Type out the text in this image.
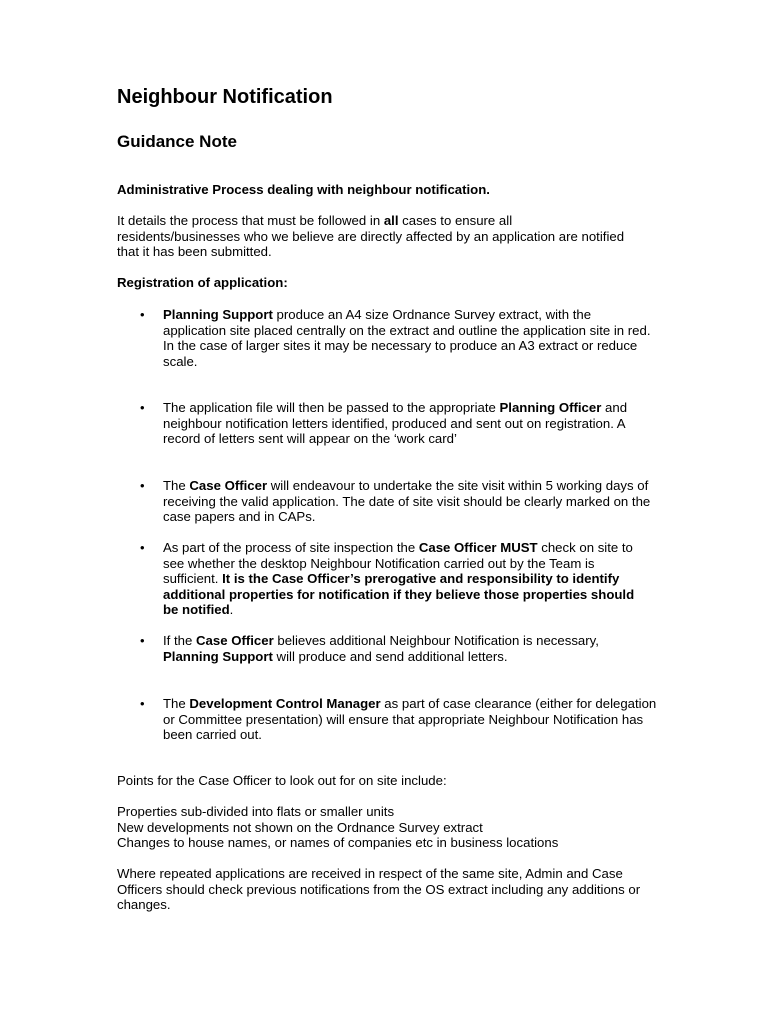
Neighbour Notification
Guidance Note

Administrative Process dealing with neighbour notification.

It details the process that must be followed in all cases to ensure all residents/businesses who we believe are directly affected by an application are notified that it has been submitted.

Registration of application:

• Planning Support produce an A4 size Ordnance Survey extract, with the application site placed centrally on the extract and outline the application site in red. In the case of larger sites it may be necessary to produce an A3 extract or reduce scale.

• The application file will then be passed to the appropriate Planning Officer and neighbour notification letters identified, produced and sent out on registration. A record of letters sent will appear on the ‘work card’

• The Case Officer will endeavour to undertake the site visit within 5 working days of receiving the valid application. The date of site visit should be clearly marked on the case papers and in CAPs.

• As part of the process of site inspection the Case Officer MUST check on site to see whether the desktop Neighbour Notification carried out by the Team is sufficient. It is the Case Officer’s prerogative and responsibility to identify additional properties for notification if they believe those properties should be notified.

• If the Case Officer believes additional Neighbour Notification is necessary, Planning Support will produce and send additional letters.

• The Development Control Manager as part of case clearance (either for delegation or Committee presentation) will ensure that appropriate Neighbour Notification has been carried out.

Points for the Case Officer to look out for on site include:

Properties sub-divided into flats or smaller units

New developments not shown on the Ordnance Survey extract

Changes to house names, or names of companies etc in business locations

Where repeated applications are received in respect of the same site, Admin and Case Officers should check previous notifications from the OS extract including any additions or changes.
